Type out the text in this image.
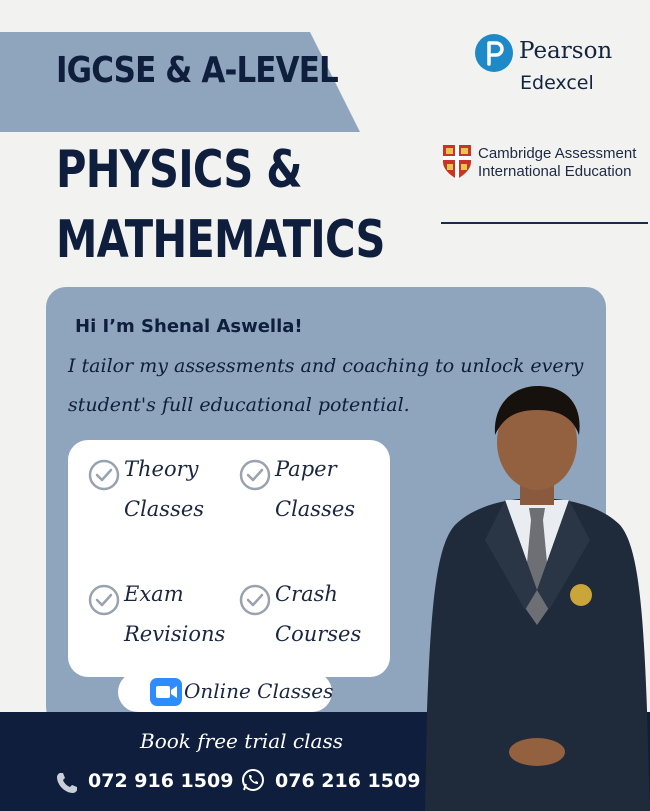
IGCSE & A-LEVEL
PHYSICS &
MATHEMATICS
Pearson
Edexcel
Cambridge Assessment
International Education
Hi I’m Shenal Aswella!
I tailor my assessments and coaching to unlock every
student's full educational potential.
Theory
Classes
Paper
Classes
Exam
Revisions
Crash
Courses
Online Classes
Book free trial class
072 916 1509 076 216 1509
